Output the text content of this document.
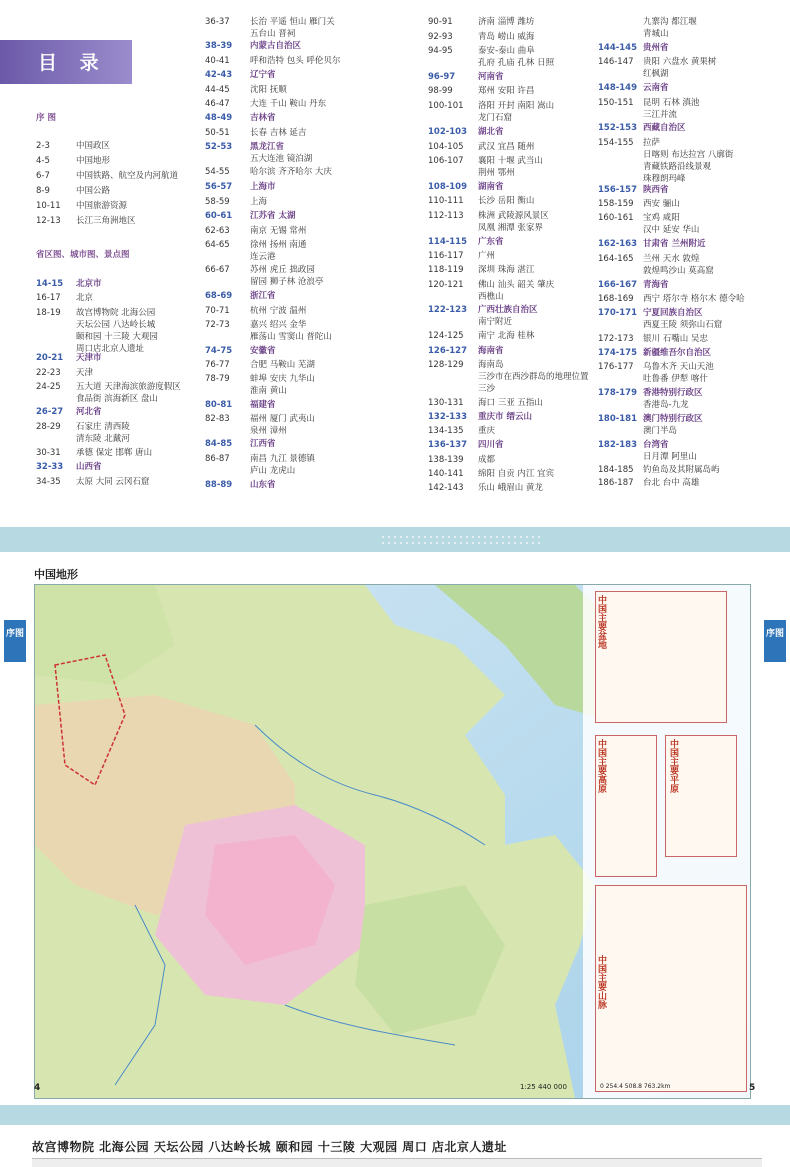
目 录
序 图
2-3	中国政区
4-5	中国地形
6-7	中国铁路、航空及内河航道
8-9	中国公路
10-11	中国旅游资源
12-13	长江三角洲地区
省区图、城市图、景点图
14-15	北京市
16-17	北京
18-19	故宫博物院 北海公园
天坛公园 八达岭长城
颐和园 十三陵 大观园
周口店北京人遗址
20-21	天津市
22-23	天津
24-25	五大道 天津海滨旅游度假区
食品街 滨海新区 盘山
26-27	河北省
28-29	石家庄 清西陵
清东陵 北戴河
30-31	承德 保定 邯郸 唐山
32-33	山西省
34-35	太原 大同 云冈石窟
36-37	长治 平遥 恒山 雁门关
五台山 晋祠
38-39	内蒙古自治区
40-41	呼和浩特 包头 呼伦贝尔
42-43	辽宁省
44-45	沈阳 抚顺
46-47	大连 千山 鞍山 丹东
48-49	吉林省
50-51	长春 吉林 延吉
52-53	黑龙江省
五大连池 镜泊湖
54-55	哈尔滨 齐齐哈尔 大庆
56-57	上海市
58-59	上海
60-61	江苏省 太湖
62-63	南京 无锡 常州
64-65	徐州 扬州 南通
连云港
66-67	苏州 虎丘 拙政园
留园 狮子林 沧浪亭
68-69	浙江省
70-71	杭州 宁波 温州
72-73	嘉兴 绍兴 金华
雁荡山 雪窦山 普陀山
74-75	安徽省
76-77	合肥 马鞍山 芜湖
78-79	蚌埠 安庆 九华山
淮南 黄山
80-81	福建省
82-83	福州 厦门 武夷山
泉州 漳州
84-85	江西省
86-87	南昌 九江 景德镇
庐山 龙虎山
88-89	山东省
90-91	济南 淄博 潍坊
92-93	青岛 崂山 威海
94-95	泰安-泰山 曲阜
孔府 孔庙 孔林 日照
96-97	河南省
98-99	郑州 安阳 许昌
100-101	洛阳 开封 南阳 嵩山
龙门石窟
102-103	湖北省
104-105	武汉 宜昌 随州
106-107	襄阳 十堰 武当山
荆州 鄂州
108-109	湖南省
110-111	长沙 岳阳 衡山
112-113	株洲 武陵源风景区
凤凰 湘潭 张家界
114-115	广东省
116-117	广州
118-119	深圳 珠海 湛江
120-121	佛山 汕头 韶关 肇庆
西樵山
122-123	广西壮族自治区
南宁附近
124-125	南宁 北海 桂林
126-127	海南省
128-129	海南岛
三沙市在西沙群岛的地理位置
三沙
130-131	海口 三亚 五指山
132-133	重庆市 缙云山
134-135	重庆
136-137	四川省
138-139	成都
140-141	绵阳 自贡 内江 宜宾
142-143	乐山 峨眉山 黄龙
九寨沟 都江堰
青城山
144-145 贵州省
146-147	贵阳 六盘水 黄果树
红枫湖
148-149 云南省
150-151	昆明 石林 滇池
三江并流
152-153 西藏自治区
154-155	拉萨
日喀则 布达拉宫 八廓街
青藏铁路沿线景观
珠穆朗玛峰
156-157 陕西省
158-159	西安 骊山
160-161	宝鸡 咸阳
汉中 延安 华山
162-163 甘肃省 兰州附近
164-165	兰州 天水 敦煌
敦煌鸣沙山 莫高窟
166-167 青海省
168-169	西宁 塔尔寺 格尔木 德令哈
170-171 宁夏回族自治区
西夏王陵 须弥山石窟
172-173	银川 石嘴山 吴忠
174-175 新疆维吾尔自治区
176-177	乌鲁木齐 天山天池
吐鲁番 伊犁 喀什
178-179 香港特别行政区
香港岛-九龙
180-181 澳门特别行政区
澳门半岛
182-183 台湾省
日月潭 阿里山
184-185	钓鱼岛及其附属岛屿
186-187	台北 台中 高雄
中国地形
序图	序图
中国主要盆地
中国主要高原	中国主要平原
中国主要山脉
4	1:25 440 000	0 254.4 508.8 763.2km	5
故宫博物院 北海公园 天坛公园 八达岭长城 颐和园 十三陵 大观园 周口 店北京人遗址
